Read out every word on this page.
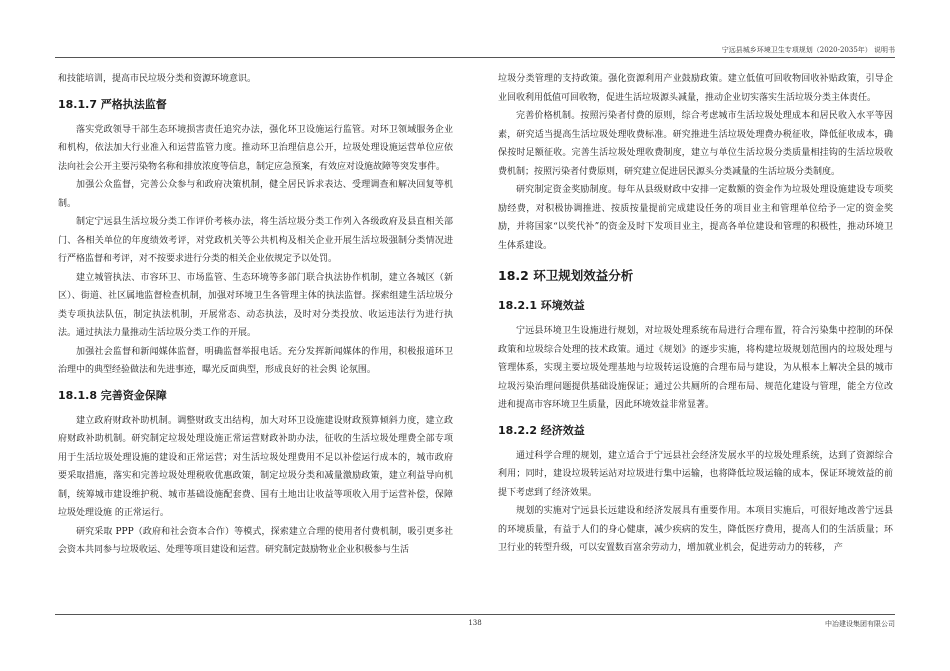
宁远县城乡环境卫生专项规划（2020-2035年） 说明书

和技能培训，提高市民垃圾分类和资源环境意识。

18.1.7 严格执法监督

落实党政领导干部生态环境损害责任追究办法，强化环卫设施运行监管。对环卫领域服务企业和机构，依法加大行业准入和运营监管力度。推动环卫治理信息公开，垃圾处理设施运营单位应依法向社会公开主要污染物名称和排放浓度等信息，制定应急预案，有效应对设施故障等突发事件。

加强公众监督，完善公众参与和政府决策机制，健全居民诉求表达、受理调查和解决回复等机制。

制定宁远县生活垃圾分类工作评价考核办法，将生活垃圾分类工作列入各级政府及县直相关部门、各相关单位的年度绩效考评，对党政机关等公共机构及相关企业开展生活垃圾强制分类情况进行严格监督和考评，对不按要求进行分类的相关企业依规定予以处罚。

建立城管执法、市容环卫、市场监管、生态环境等多部门联合执法协作机制，建立各城区（新区）、街道、社区属地监督检查机制，加强对环境卫生各管理主体的执法监督。探索组建生活垃圾分类专项执法队伍，制定执法机制，开展常态、动态执法，及时对分类投放、收运违法行为进行执法。通过执法力量推动生活垃圾分类工作的开展。

加强社会监督和新闻媒体监督，明确监督举报电话。充分发挥新闻媒体的作用，积极报道环卫治理中的典型经验做法和先进事迹，曝光反面典型，形成良好的社会舆 论氛围。

18.1.8 完善资金保障

建立政府财政补助机制。调整财政支出结构，加大对环卫设施建设财政预算倾斜力度，建立政府财政补助机制。研究制定垃圾处理设施正常运营财政补助办法，征收的生活垃圾处理费全部专项用于生活垃圾处理设施的建设和正常运营；对生活垃圾处理费用不足以补偿运行成本的，城市政府要采取措施，落实和完善垃圾处理税收优惠政策，制定垃圾分类和减量激励政策，建立利益导向机制，统筹城市建设维护税、城市基础设施配套费、国有土地出让收益等项收入用于运营补偿，保障垃圾处理设施 的正常运行。

研究采取 PPP（政府和社会资本合作）等模式，探索建立合理的使用者付费机制，吸引更多社会资本共同参与垃圾收运、处理等项目建设和运营。研究制定鼓励物业企业积极参与生活

垃圾分类管理的支持政策。强化资源利用产业鼓励政策。建立低值可回收物回收补贴政策，引导企业回收利用低值可回收物，促进生活垃圾源头减量，推动企业切实落实生活垃圾分类主体责任。

完善价格机制。按照污染者付费的原则，综合考虑城市生活垃圾处理成本和居民收入水平等因素，研究适当提高生活垃圾处理收费标准。研究推进生活垃圾处理费办税征收，降低征收成本，确保按时足额征收。完善生活垃圾处理收费制度，建立与单位生活垃圾分类质量相挂钩的生活垃圾收费机制；按照污染者付费原则，研究建立促进居民源头分类减量的生活垃圾分类制度。

研究制定资金奖励制度。每年从县级财政中安排一定数额的资金作为垃圾处理设施建设专项奖励经费，对积极协调推进、按质按量提前完成建设任务的项目业主和管理单位给予一定的资金奖励，并将国家“以奖代补”的资金及时下发项目业主，提高各单位建设和管理的积极性，推动环境卫生体系建设。

18.2 环卫规划效益分析
18.2.1 环境效益

宁远县环境卫生设施进行规划，对垃圾处理系统布局进行合理布置，符合污染集中控制的环保政策和垃圾综合处理的技术政策。通过《规划》的逐步实施，将构建垃圾规划范围内的垃圾处理与管理体系，实现主要垃圾处理基地与垃圾转运设施的合理布局与建设，为从根本上解决全县的城市垃圾污染治理问题提供基础设施保证；通过公共厕所的合理布局、规范化建设与管理，能全方位改进和提高市容环境卫生质量，因此环境效益非常显著。

18.2.2 经济效益

通过科学合理的规划，建立适合于宁远县社会经济发展水平的垃圾处理系统，达到了资源综合利用；同时，建设垃圾转运站对垃圾进行集中运输，也将降低垃圾运输的成本，保证环境效益的前提下考虑到了经济效果。

规划的实施对宁远县长远建设和经济发展具有重要作用。本项目实施后，可很好地改善宁远县的环境质量，有益于人们的身心健康，减少疾病的发生，降低医疗费用，提高人们的生活质量；环卫行业的转型升级，可以安置数百富余劳动力，增加就业机会，促进劳动力的转移， 产

138	中冶建设集团有限公司
